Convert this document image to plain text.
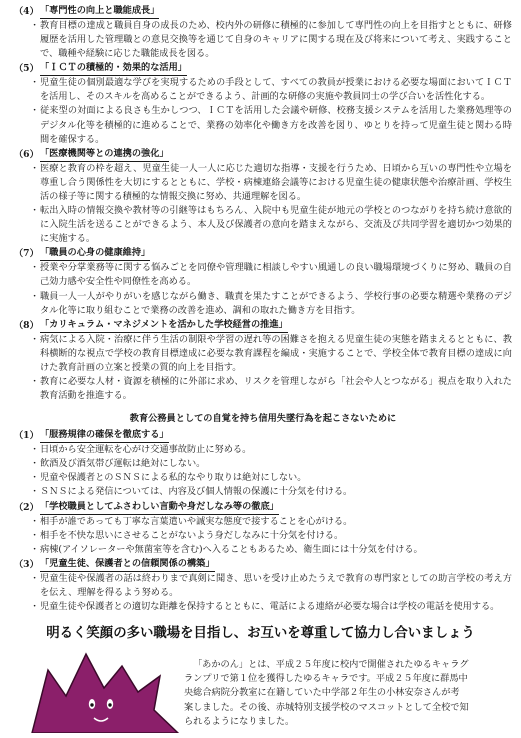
（4） 「専門性の向上と職能成長」
・ 教育目標の達成と職員自身の成長のため、校内外の研修に積極的に参加して専門性の向上を目指すとともに、研修履歴を活用した管理職との意見交換等を通じて自身のキャリアに関する現在及び将来について考え、実践することで、職種や経験に応じた職能成長を図る。
（5） 「ＩＣＴの積極的・効果的な活用」
・ 児童生徒の個別最適な学びを実現するための手段として、すべての教員が授業における必要な場面においてＩＣＴを活用し、そのスキルを高めることができるよう、計画的な研修の実施や教員同士の学び合いを活性化する。
・ 従来型の対面による良さも生かしつつ、ＩＣＴを活用した会議や研修、校務支援システムを活用した業務処理等のデジタル化等を積極的に進めることで、業務の効率化や働き方を改善を図り、ゆとりを持って児童生徒と関わる時間を確保する。
（6） 「医療機関等との連携の強化」
・ 医療と教育の枠を超え、児童生徒一人一人に応じた適切な指導・支援を行うため、日頃から互いの専門性や立場を尊重し合う関係性を大切にするとともに、学校・病棟連絡会議等における児童生徒の健康状態や治療計画、学校生活の様子等に関する積極的な情報交換に努め、共通理解を図る。
・ 転出入時の情報交換や教材等の引継等はもちろん、入院中も児童生徒が地元の学校とのつながりを持ち続け意欲的に入院生活を送ることができるよう、本人及び保護者の意向を踏まえながら、交流及び共同学習を適切かつ効果的に実施する。
（7） 「職員の心身の健康維持」
・ 授業や分掌業務等に関する悩みごとを同僚や管理職に相談しやすい風通しの良い職場環境づくりに努め、職員の自己効力感や安全性や同僚性を高める。
・ 職員一人一人がやりがいを感じながら働き、職責を果たすことができるよう、学校行事の必要な精選や業務のデジタル化等に取り組むことで業務の改善を進め、調和の取れた働き方を目指す。
（8） 「カリキュラム・マネジメントを活かした学校経営の推進」
・ 病気による入院・治療に伴う生活の制限や学習の遅れ等の困難さを抱える児童生徒の実態を踏まえるとともに、教科横断的な視点で学校の教育目標達成に必要な教育課程を編成・実施することで、学校全体で教育目標の達成に向けた教育計画の立案と授業の質的向上を目指す。
・ 教育に必要な人材・資源を積極的に外部に求め、リスクを管理しながら「社会や人とつながる」視点を取り入れた教育活動を推進する。
教育公務員としての自覚を持ち信用失墜行為を起こさないために
（1） 「服務規律の確保を徹底する」
・ 日頃から安全運転を心がけ交通事故防止に努める。
・ 飲酒及び酒気帯び運転は絶対にしない。
・ 児童や保護者とのＳＮＳによる私的なやり取りは絶対にしない。
・ ＳＮＳによる発信については、内容及び個人情報の保護に十分気を付ける。
（2） 「学校職員としてふさわしい言動や身だしなみ等の徹底」
・ 相手が誰であっても丁寧な言葉遣いや誠実な態度で接することを心がける。
・ 相手を不快な思いにさせることがないよう身だしなみに十分気を付ける。
・ 病棟(アイソレーターや無菌室等を含む)へ入ることもあるため、衛生面には十分気を付ける。
（3） 「児童生徒、保護者との信頼関係の構築」
・ 児童生徒や保護者の話は終わりまで真剣に聞き、思いを受け止めたうえで教育の専門家としての助言学校の考え方を伝え、理解を得るよう努める。
・ 児童生徒や保護者との適切な距離を保持するとともに、電話による連絡が必要な場合は学校の電話を使用する。
明るく笑顔の多い職場を目指し、お互いを尊重して協力し合いましょう
「あかのん」とは、平成２５年度に校内で開催されたゆるキャラグ
ランプリで第１位を獲得したゆるキャラです。平成２５年度に群馬中
央総合病院分教室に在籍していた中学部２年生の小林安奈さんが考
案しました。その後、赤城特別支援学校のマスコットとして全校で知
られるようになりました。
